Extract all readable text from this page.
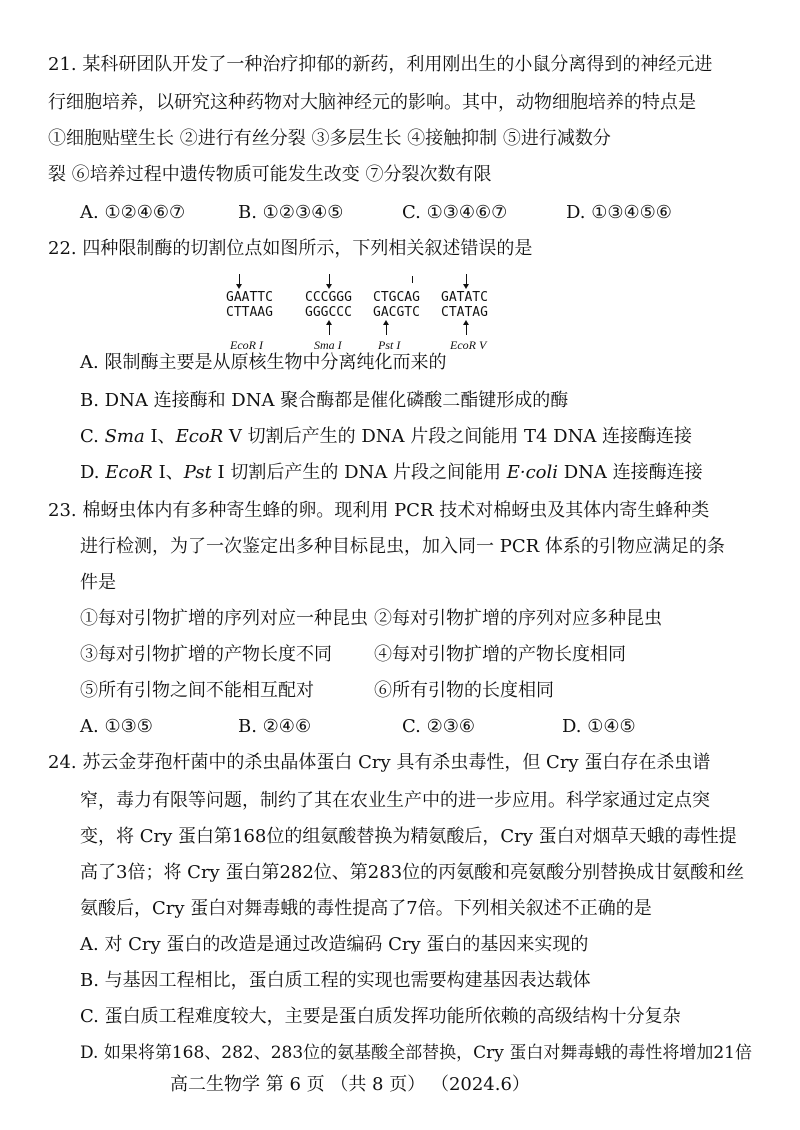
21. 某科研团队开发了一种治疗抑郁的新药，利用刚出生的小鼠分离得到的神经元进
行细胞培养，以研究这种药物对大脑神经元的影响。其中，动物细胞培养的特点是
①细胞贴壁生长 ②进行有丝分裂 ③多层生长 ④接触抑制 ⑤进行减数分
裂 ⑥培养过程中遗传物质可能发生改变 ⑦分裂次数有限
A. ①②④⑥⑦	B. ①②③④⑤	C. ①③④⑥⑦	D. ①③④⑤⑥
22. 四种限制酶的切割位点如图所示，下列相关叙述错误的是
GAATTC
CTTAAG
EcoR I
CCCGGG
GGGCCC
Sma I
CTGCAG
GACGTC
Pst I
GATATC
CTATAG
EcoR V
A. 限制酶主要是从原核生物中分离纯化而来的
B. DNA 连接酶和 DNA 聚合酶都是催化磷酸二酯键形成的酶
C. Sma I、EcoR V 切割后产生的 DNA 片段之间能用 T4 DNA 连接酶连接
D. EcoR I、Pst I 切割后产生的 DNA 片段之间能用 E·coli DNA 连接酶连接
23. 棉蚜虫体内有多种寄生蜂的卵。现利用 PCR 技术对棉蚜虫及其体内寄生蜂种类
进行检测，为了一次鉴定出多种目标昆虫，加入同一 PCR 体系的引物应满足的条
件是
①每对引物扩增的序列对应一种昆虫 ②每对引物扩增的序列对应多种昆虫
③每对引物扩增的产物长度不同 ④每对引物扩增的产物长度相同
⑤所有引物之间不能相互配对	⑥所有引物的长度相同
A. ①③⑤	B. ②④⑥	C. ②③⑥	D. ①④⑤
24. 苏云金芽孢杆菌中的杀虫晶体蛋白 Cry 具有杀虫毒性，但 Cry 蛋白存在杀虫谱
窄，毒力有限等问题，制约了其在农业生产中的进一步应用。科学家通过定点突
变，将 Cry 蛋白第168位的组氨酸替换为精氨酸后，Cry 蛋白对烟草天蛾的毒性提
高了3倍；将 Cry 蛋白第282位、第283位的丙氨酸和亮氨酸分别替换成甘氨酸和丝
氨酸后，Cry 蛋白对舞毒蛾的毒性提高了7倍。下列相关叙述不正确的是
A. 对 Cry 蛋白的改造是通过改造编码 Cry 蛋白的基因来实现的
B. 与基因工程相比，蛋白质工程的实现也需要构建基因表达载体
C. 蛋白质工程难度较大，主要是蛋白质发挥功能所依赖的高级结构十分复杂
D. 如果将第168、282、283位的氨基酸全部替换，Cry 蛋白对舞毒蛾的毒性将增加21倍
高二生物学 第 6 页 （共 8 页） （2024.6）
